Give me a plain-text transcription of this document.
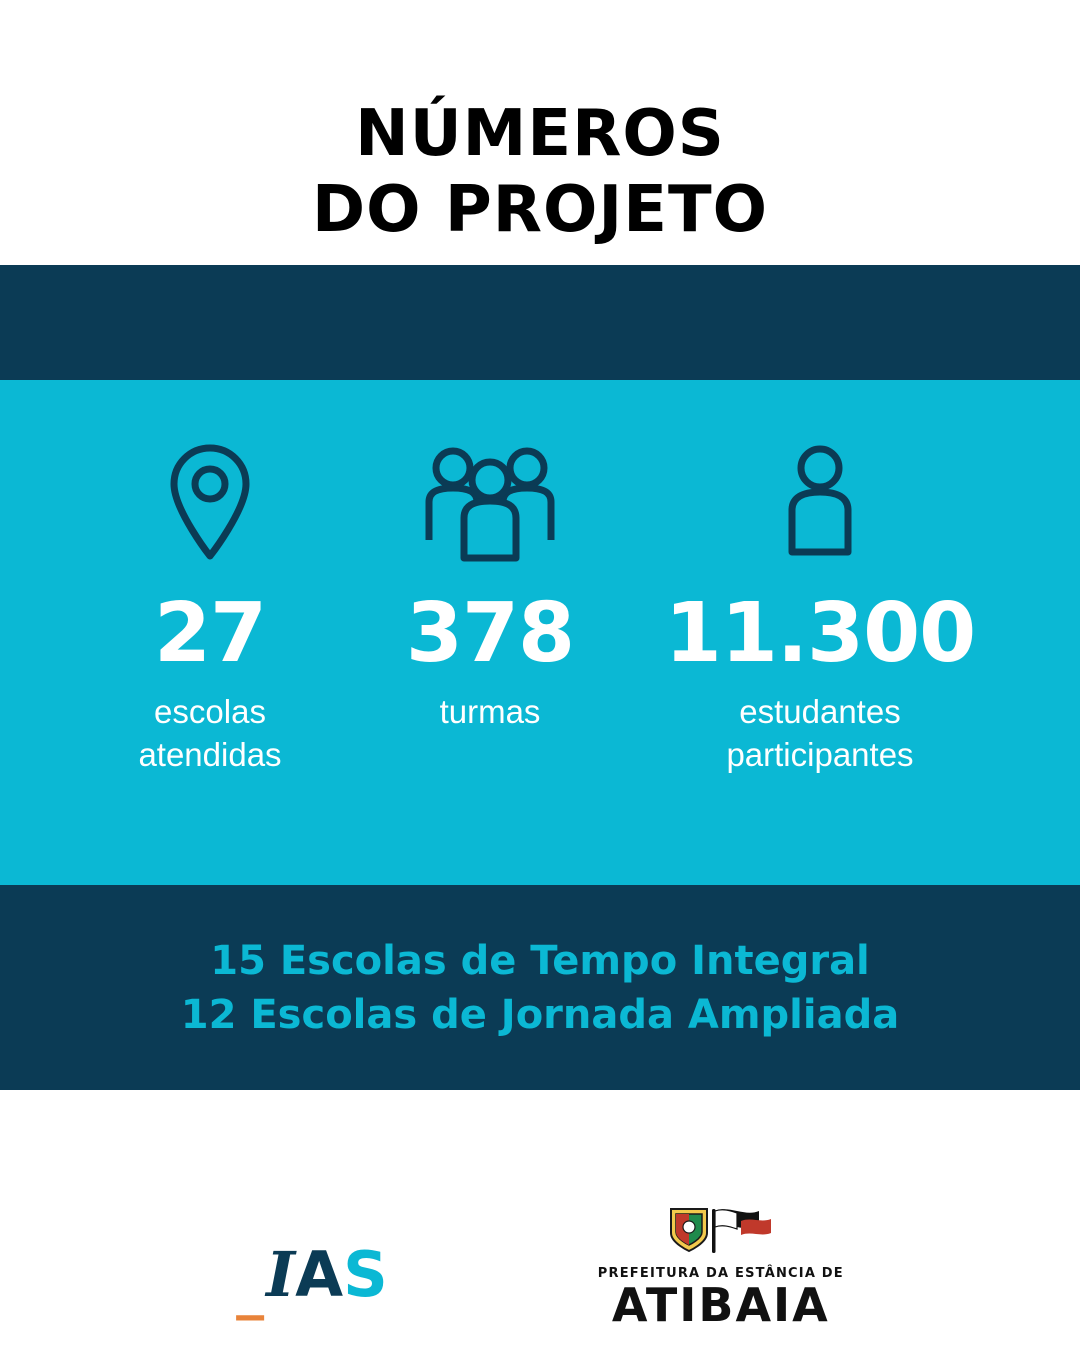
NÚMEROS
DO PROJETO
27
escolas
atendidas
378
turmas
11.300
estudantes
participantes
15 Escolas de Tempo Integral
12 Escolas de Jornada Ampliada
_ I A S	PREFEITURA DA ESTÂNCIA DE
ATIBAIA
